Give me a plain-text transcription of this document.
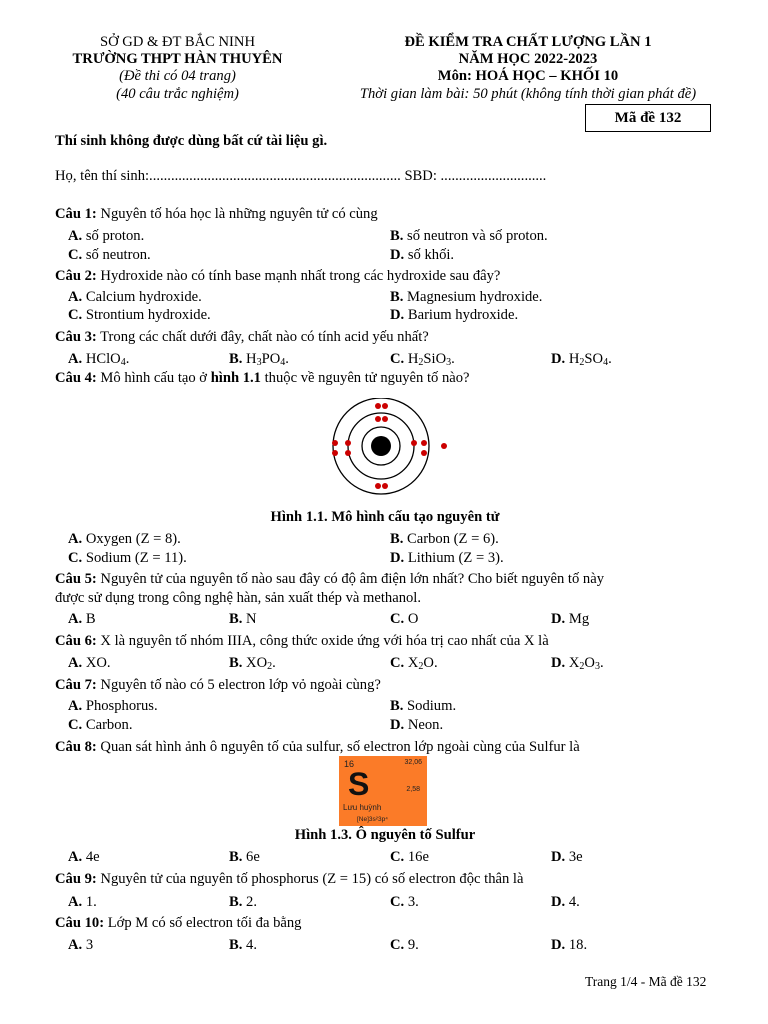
SỞ GD & ĐT BẮC NINH
TRƯỜNG THPT HÀN THUYÊN
(Đề thi có 04 trang)
(40 câu trắc nghiệm)
ĐỀ KIỂM TRA CHẤT LƯỢNG LẦN 1
NĂM HỌC 2022-2023
Môn: HOÁ HỌC – KHỐI 10
Thời gian làm bài: 50 phút (không tính thời gian phát đề)
Mã đề 132
Thí sinh không được dùng bất cứ tài liệu gì.
Họ, tên thí sinh:..................................................................... SBD: .............................
Câu 1: Nguyên tố hóa học là những nguyên tử có cùng
A. số proton.	B. số neutron và số proton.
C. số neutron.	D. số khối.
Câu 2: Hydroxide nào có tính base mạnh nhất trong các hydroxide sau đây?
A. Calcium hydroxide.	B. Magnesium hydroxide.
C. Strontium hydroxide.	D. Barium hydroxide.
Câu 3: Trong các chất dưới đây, chất nào có tính acid yếu nhất?
A. HClO$_4$.	B. $H_3PO_4$.	C. $H_2SiO_3$.	D. $H_2SO_4$.
Câu 4: Mô hình cấu tạo ở hình 1.1 thuộc về nguyên tử nguyên tố nào?
Hình 1.1. Mô hình cấu tạo nguyên tử
A. Oxygen (Z = 8).	B. Carbon (Z = 6).
C. Sodium (Z = 11).	D. Lithium (Z = 3).
Câu 5: Nguyên tử của nguyên tố nào sau đây có độ âm điện lớn nhất? Cho biết nguyên tố này
được sử dụng trong công nghệ hàn, sản xuất thép và methanol.
A. B	B. N	C. O	D. Mg
Câu 6: X là nguyên tố nhóm IIIA, công thức oxide ứng với hóa trị cao nhất của X là
A. XO.	B. $XO_2$.	C. $X_2O$.	D. $X_2O_3$.
Câu 7: Nguyên tố nào có 5 electron lớp vỏ ngoài cùng?
A. Phosphorus.	B. Sodium.
C. Carbon.	D. Neon.
Câu 8: Quan sát hình ảnh ô nguyên tố của sulfur, số electron lớp ngoài cùng của Sulfur là
16	32,06
S	2,58
Lưu huỳnh
[Ne]3s²3p⁴
Hình 1.3. Ô nguyên tố Sulfur
A. 4e	B. 6e	C. 16e	D. 3e
Câu 9: Nguyên tử của nguyên tố phosphorus (Z = 15) có số electron độc thân là
A. 1.	B. 2.	C. 3.	D. 4.
Câu 10: Lớp M có số electron tối đa bằng
A. 3	B. 4.	C. 9.	D. 18.
Trang 1/4 - Mã đề 132
